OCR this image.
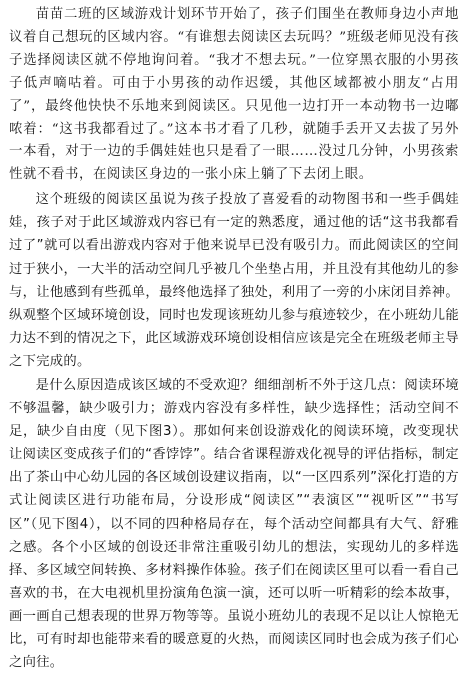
苗苗二班的区域游戏计划环节开始了，孩子们围坐在教师身边小声地议着自己想玩的区域内容。“有谁想去阅读区去玩吗？”班级老师见没有孩子选择阅读区就不停地询问着。“我才不想去玩。”一位穿黑衣服的小男孩子低声嘀咕着。可由于小男孩的动作迟缓，其他区域都被小朋友“占用了”，最终他快快不乐地来到阅读区。只见他一边打开一本动物书一边嘟哝着：“这书我都看过了。”这本书才看了几秒，就随手丢开又去拔了另外一本看，对于一边的手偶娃娃也只是看了一眼……没过几分钟，小男孩索性就不看书，在阅读区身边的一张小床上躺了下去闭上眼。

这个班级的阅读区虽说为孩子投放了喜爱看的动物图书和一些手偶娃娃，孩子对于此区域游戏内容已有一定的熟悉度，通过他的话“这书我都看过了”就可以看出游戏内容对于他来说早已没有吸引力。而此阅读区的空间过于狭小，一大半的活动空间几乎被几个坐垫占用，并且没有其他幼儿的参与，让他感到有些孤单，最终他选择了独处，利用了一旁的小床闭目养神。纵观整个区域环境创设，同时也发现该班幼儿参与痕迹较少，在小班幼儿能力达不到的情况之下，此区域游戏环境创设相信应该是完全在班级老师主导之下完成的。

是什么原因造成该区域的不受欢迎？细细剖析不外于这几点：阅读环境不够温馨，缺少吸引力；游戏内容没有多样性，缺少选择性；活动空间不足，缺少自由度（见下图3）。那如何来创设游戏化的阅读环境，改变现状让阅读区变成孩子们的“香饽饽”。结合省课程游戏化视导的评估指标，制定出了茶山中心幼儿园的各区域创设建议指南，以“一区四系列”深化打造的方式让阅读区进行功能布局，分设形成“阅读区”“表演区”“视听区”“书写区”（见下图4），以不同的四种格局存在，每个活动空间都具有大气、舒雅之感。各个小区域的创设还非常注重吸引幼儿的想法，实现幼儿的多样选择、多区域空间转换、多材料操作体验。孩子们在阅读区里可以看一看自己喜欢的书，在大电视机里扮演角色演一演，还可以听一听精彩的绘本故事，画一画自己想表现的世界万物等等。虽说小班幼儿的表现不足以让人惊艳无比，可有时却也能带来看的暖意夏的火热，而阅读区同时也会成为孩子们心之向往。
